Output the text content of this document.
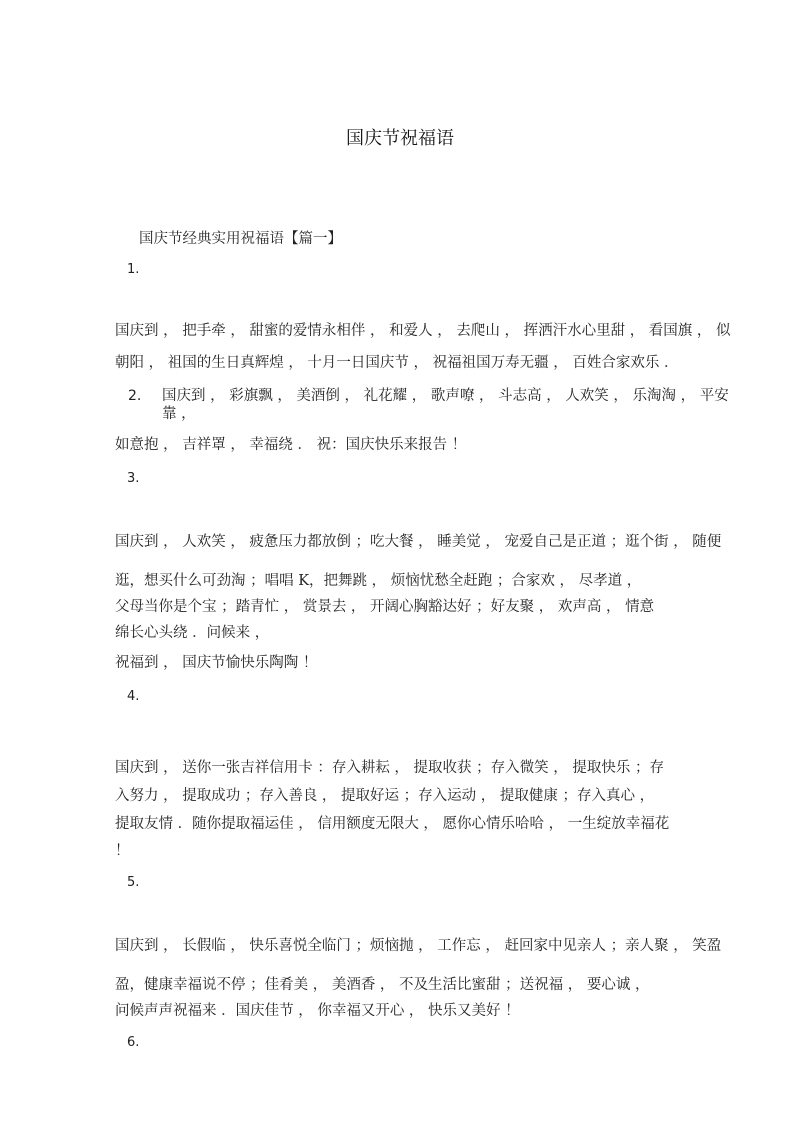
国庆节祝福语
国庆节经典实用祝福语【篇一】
1.
国庆到 ， 把手牵 ， 甜蜜的爱情永相伴 ， 和爱人 ， 去爬山 ， 挥洒汗水心里甜 ， 看国旗 ， 似
朝阳 ， 祖国的生日真辉煌 ， 十月一日国庆节 ， 祝福祖国万寿无疆 ， 百姓合家欢乐 ．
2. 国庆到 ， 彩旗飘 ， 美酒倒 ， 礼花耀 ， 歌声嘹 ， 斗志高 ， 人欢笑 ， 乐淘淘 ， 平安
靠 ，
如意抱 ， 吉祥罩 ， 幸福绕 ． 祝：国庆快乐来报告 ！
3.
国庆到 ， 人欢笑 ， 疲惫压力都放倒 ；吃大餐 ， 睡美觉 ， 宠爱自己是正道 ；逛个街 ， 随便
逛，想买什么可劲淘 ；唱唱 K，把舞跳 ， 烦恼忧愁全赶跑 ；合家欢 ， 尽孝道 ，
父母当你是个宝 ；踏青忙 ， 赏景去 ， 开阔心胸豁达好 ；好友聚 ， 欢声高 ， 情意
绵长心头绕 ．问候来 ，
祝福到 ， 国庆节愉快乐陶陶 ！
4.
国庆到 ， 送你一张吉祥信用卡 ：存入耕耘 ， 提取收获 ；存入微笑 ， 提取快乐 ；存
入努力 ， 提取成功 ；存入善良 ， 提取好运 ；存入运动 ， 提取健康 ；存入真心 ，
提取友情 ．随你提取福运佳 ， 信用额度无限大 ， 愿你心情乐哈哈 ， 一生绽放幸福花
！
5.
国庆到 ， 长假临 ， 快乐喜悦全临门 ；烦恼抛 ， 工作忘 ， 赶回家中见亲人 ；亲人聚 ， 笑盈
盈，健康幸福说不停 ；佳肴美 ， 美酒香 ， 不及生活比蜜甜 ；送祝福 ， 要心诚 ，
问候声声祝福来 ．国庆佳节 ， 你幸福又开心 ， 快乐又美好 ！
6.
